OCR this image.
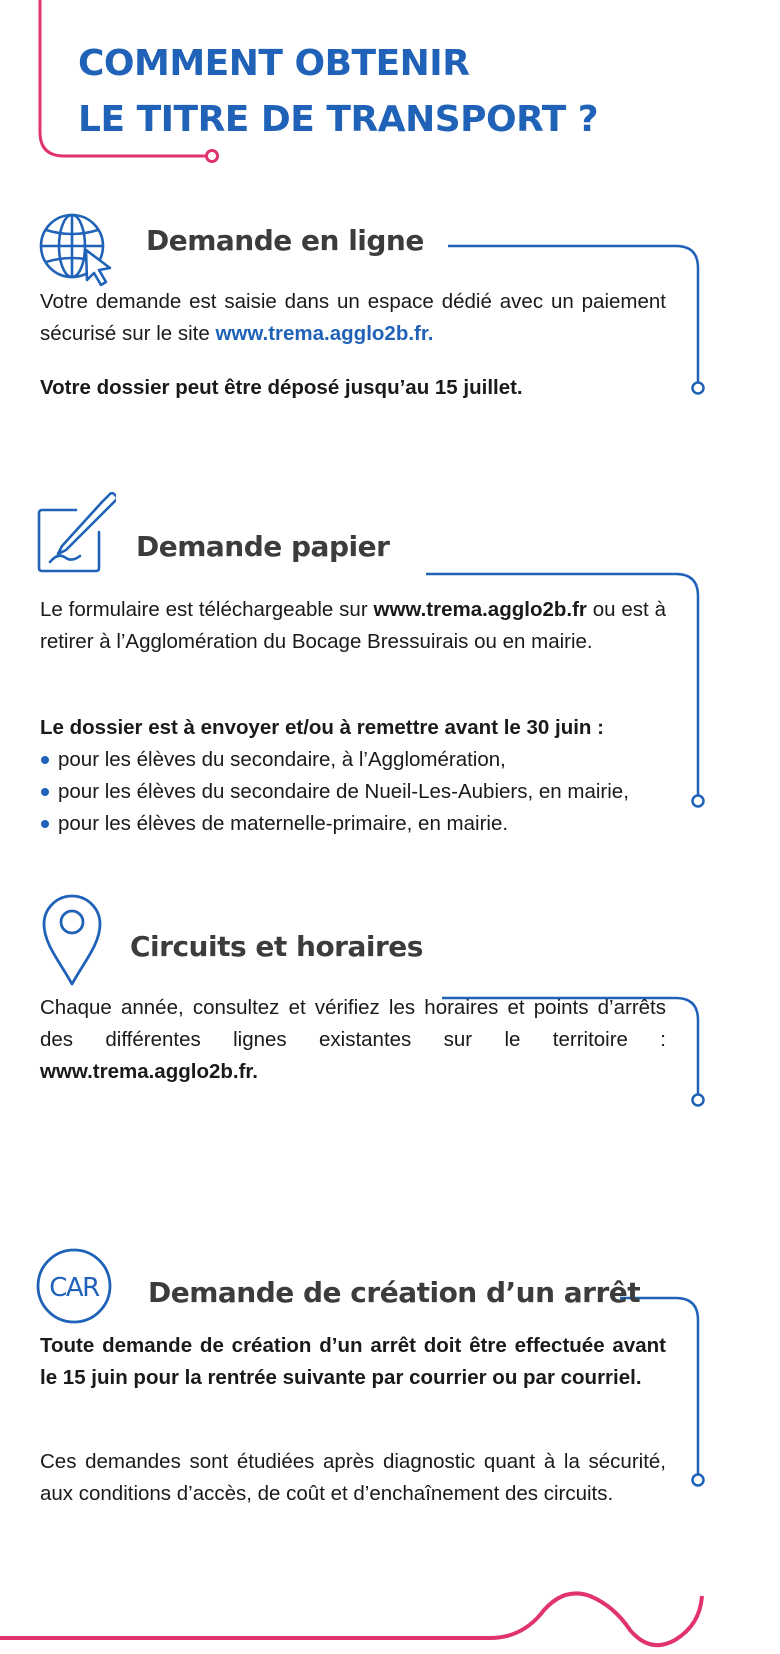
COMMENT OBTENIR
LE TITRE DE TRANSPORT ?
Demande en ligne

Votre demande est saisie dans un espace dédié avec un paiement sécurisé sur le site www.trema.agglo2b.fr.

Votre dossier peut être déposé jusqu’au 15 juillet.

Demande papier

Le formulaire est téléchargeable sur www.trema.agglo2b.fr ou est à retirer à l’Agglomération du Bocage Bressuirais ou en mairie.

Le dossier est à envoyer et/ou à remettre avant le 30 juin :
pour les élèves du secondaire, à l’Agglomération,
pour les élèves du secondaire de Nueil-Les-Aubiers, en mairie,
pour les élèves de maternelle-primaire, en mairie.
Circuits et horaires

Chaque année, consultez et vérifiez les horaires et points d’arrêts des différentes lignes existantes sur le territoire : www.trema.agglo2b.fr.

CAR Demande de création d’un arrêt

Toute demande de création d’un arrêt doit être effectuée avant le 15 juin pour la rentrée suivante par courrier ou par courriel.

Ces demandes sont étudiées après diagnostic quant à la sécurité, aux conditions d’accès, de coût et d’enchaînement des circuits.
